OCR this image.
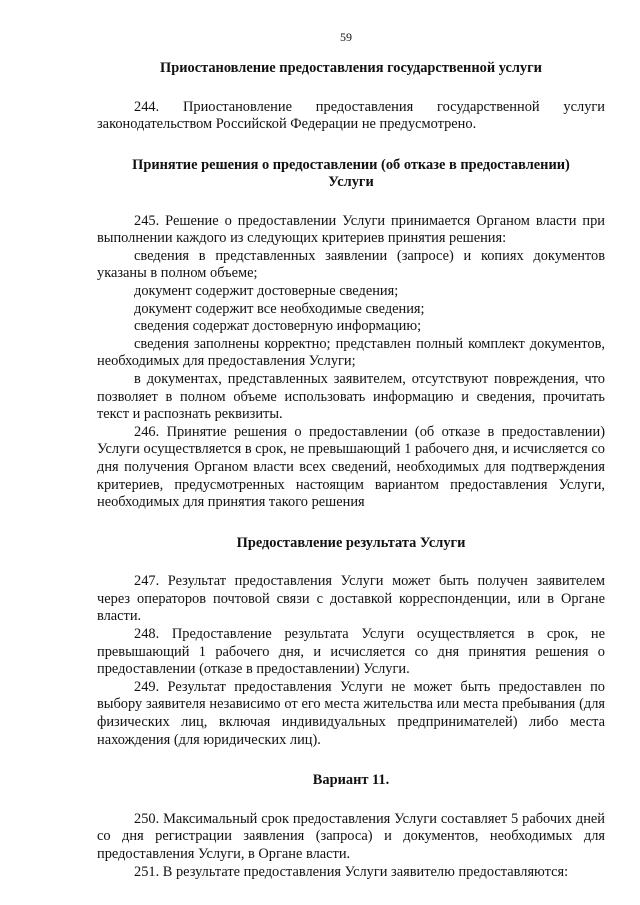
59
Приостановление предоставления государственной услуги

244. Приостановление предоставления государственной услуги законодательством Российской Федерации не предусмотрено.

Принятие решения о предоставлении (об отказе в предоставлении)
Услуги

245. Решение о предоставлении Услуги принимается Органом власти при выполнении каждого из следующих критериев принятия решения:

сведения в представленных заявлении (запросе) и копиях документов указаны в полном объеме;

документ содержит достоверные сведения;

документ содержит все необходимые сведения;

сведения содержат достоверную информацию;

сведения заполнены корректно; представлен полный комплект документов, необходимых для предоставления Услуги;

в документах, представленных заявителем, отсутствуют повреждения, что позволяет в полном объеме использовать информацию и сведения, прочитать текст и распознать реквизиты.

246. Принятие решения о предоставлении (об отказе в предоставлении) Услуги осуществляется в срок, не превышающий 1 рабочего дня, и исчисляется со дня получения Органом власти всех сведений, необходимых для подтверждения критериев, предусмотренных настоящим вариантом предоставления Услуги, необходимых для принятия такого решения

Предоставление результата Услуги

247. Результат предоставления Услуги может быть получен заявителем через операторов почтовой связи с доставкой корреспонденции, или в Органе власти.

248. Предоставление результата Услуги осуществляется в срок, не превышающий 1 рабочего дня, и исчисляется со дня принятия решения о предоставлении (отказе в предоставлении) Услуги.

249. Результат предоставления Услуги не может быть предоставлен по выбору заявителя независимо от его места жительства или места пребывания (для физических лиц, включая индивидуальных предпринимателей) либо места нахождения (для юридических лиц).

Вариант 11.

250. Максимальный срок предоставления Услуги составляет 5 рабочих дней со дня регистрации заявления (запроса) и документов, необходимых для предоставления Услуги, в Органе власти.

251. В результате предоставления Услуги заявителю предоставляются:
